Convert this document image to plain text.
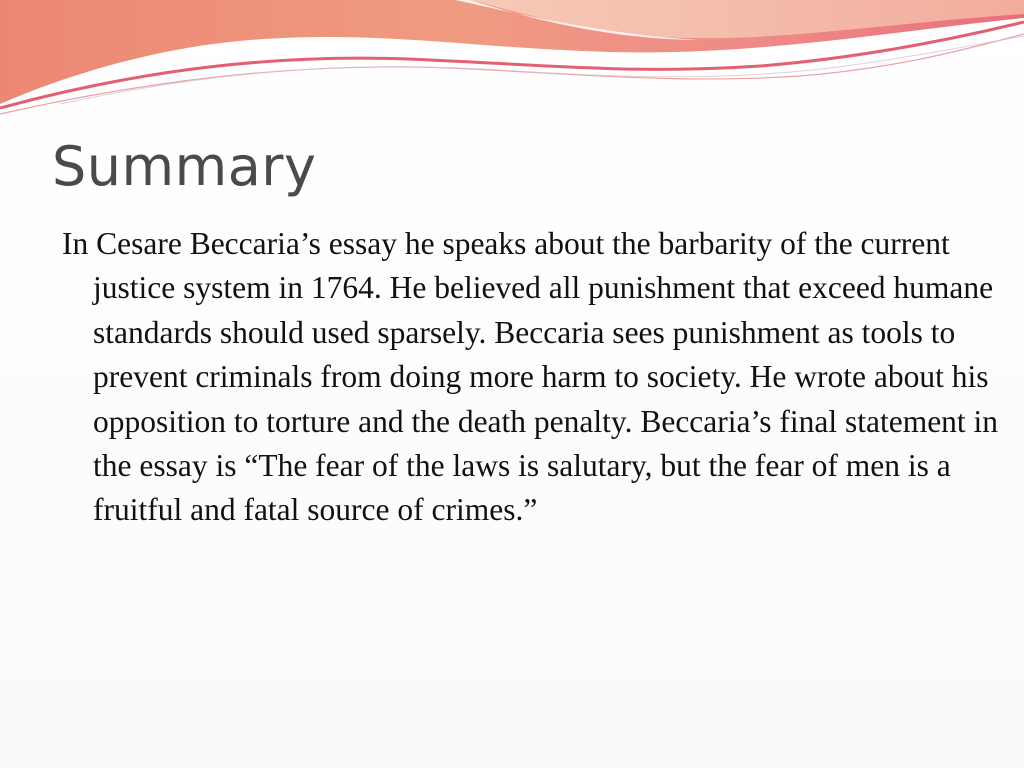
Summary

In Cesare Beccaria’s essay he speaks about the barbarity of the current justice system in 1764. He believed all punishment that exceed humane standards should used sparsely. Beccaria sees punishment as tools to prevent criminals from doing more harm to society. He wrote about his opposition to torture and the death penalty. Beccaria’s final statement in the essay is “The fear of the laws is salutary, but the fear of men is a fruitful and fatal source of crimes.”
